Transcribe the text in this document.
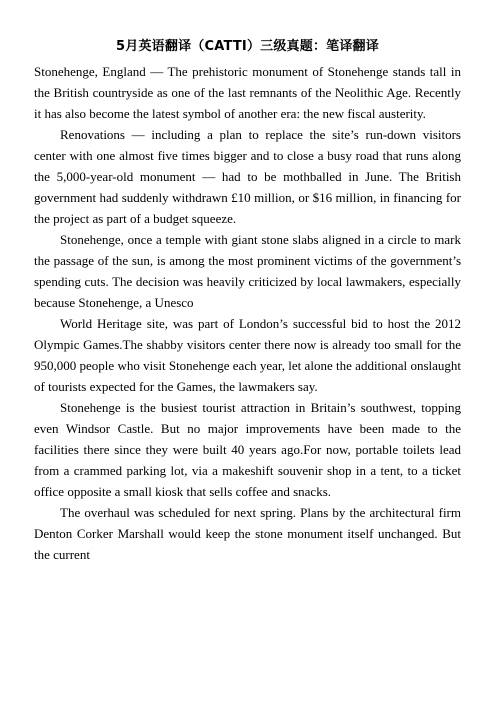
5月英语翻译（CATTI）三级真题：笔译翻译

Stonehenge, England — The prehistoric monument of Stonehenge stands tall in the British countryside as one of the last remnants of the Neolithic Age. Recently it has also become the latest symbol of another era: the new fiscal austerity.

Renovations — including a plan to replace the site’s run-down visitors center with one almost five times bigger and to close a busy road that runs along the 5,000-year-old monument — had to be mothballed in June. The British government had suddenly withdrawn £10 million, or $16 million, in financing for the project as part of a budget squeeze.

Stonehenge, once a temple with giant stone slabs aligned in a circle to mark the passage of the sun, is among the most prominent victims of the government’s spending cuts. The decision was heavily criticized by local lawmakers, especially because Stonehenge, a Unesco

World Heritage site, was part of London’s successful bid to host the 2012 Olympic Games.The shabby visitors center there now is already too small for the 950,000 people who visit Stonehenge each year, let alone the additional onslaught of tourists expected for the Games, the lawmakers say.

Stonehenge is the busiest tourist attraction in Britain’s southwest, topping even Windsor Castle. But no major improvements have been made to the facilities there since they were built 40 years ago.For now, portable toilets lead from a crammed parking lot, via a makeshift souvenir shop in a tent, to a ticket office opposite a small kiosk that sells coffee and snacks.

The overhaul was scheduled for next spring. Plans by the architectural firm Denton Corker Marshall would keep the stone monument itself unchanged. But the current
